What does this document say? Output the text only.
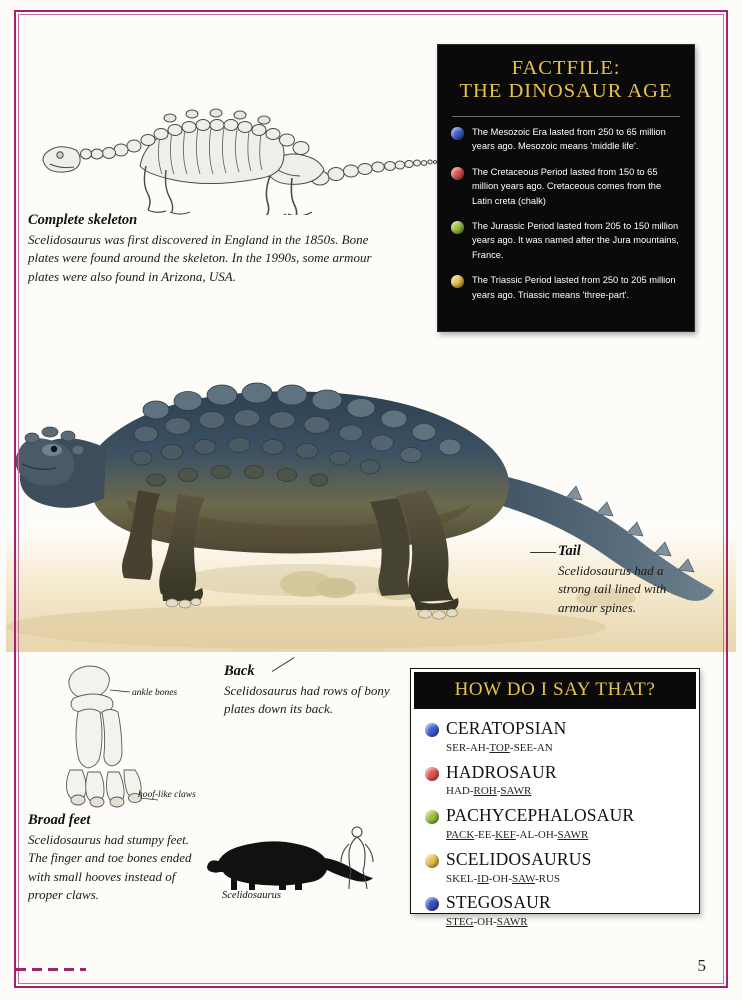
Complete skeleton
Scelidosaurus was first discovered in England in the 1850s. Bone plates were found around the skeleton. In the 1990s, some armour plates were also found in Arizona, USA.
FACTFILE:
THE DINOSAUR AGE
The Mesozoic Era lasted from 250 to 65 million years ago. Mesozoic means 'middle life'.
The Cretaceous Period lasted from 150 to 65 million years ago. Cretaceous comes from the Latin creta (chalk)
The Jurassic Period lasted from 205 to 150 million years ago. It was named after the Jura mountains, France.
The Triassic Period lasted from 250 to 205 million years ago. Triassic means 'three-part'.
Tail
Scelidosaurus had a strong tail lined with armour spines.
Back
Scelidosaurus had rows of bony plates down its back.
ankle bones
hoof-like claws
Broad feet
Scelidosaurus had stumpy feet. The finger and toe bones ended with small hooves instead of proper claws.	Scelidosaurus
HOW DO I SAY THAT?
CERATOPSIAN
SER-AH-TOP-SEE-AN
HADROSAUR
HAD-ROH-SAWR
PACHYCEPHALOSAUR
PACK-EE-KEF-AL-OH-SAWR
SCELIDOSAURUS
SKEL-ID-OH-SAW-RUS
STEGOSAUR
STEG-OH-SAWR
5
